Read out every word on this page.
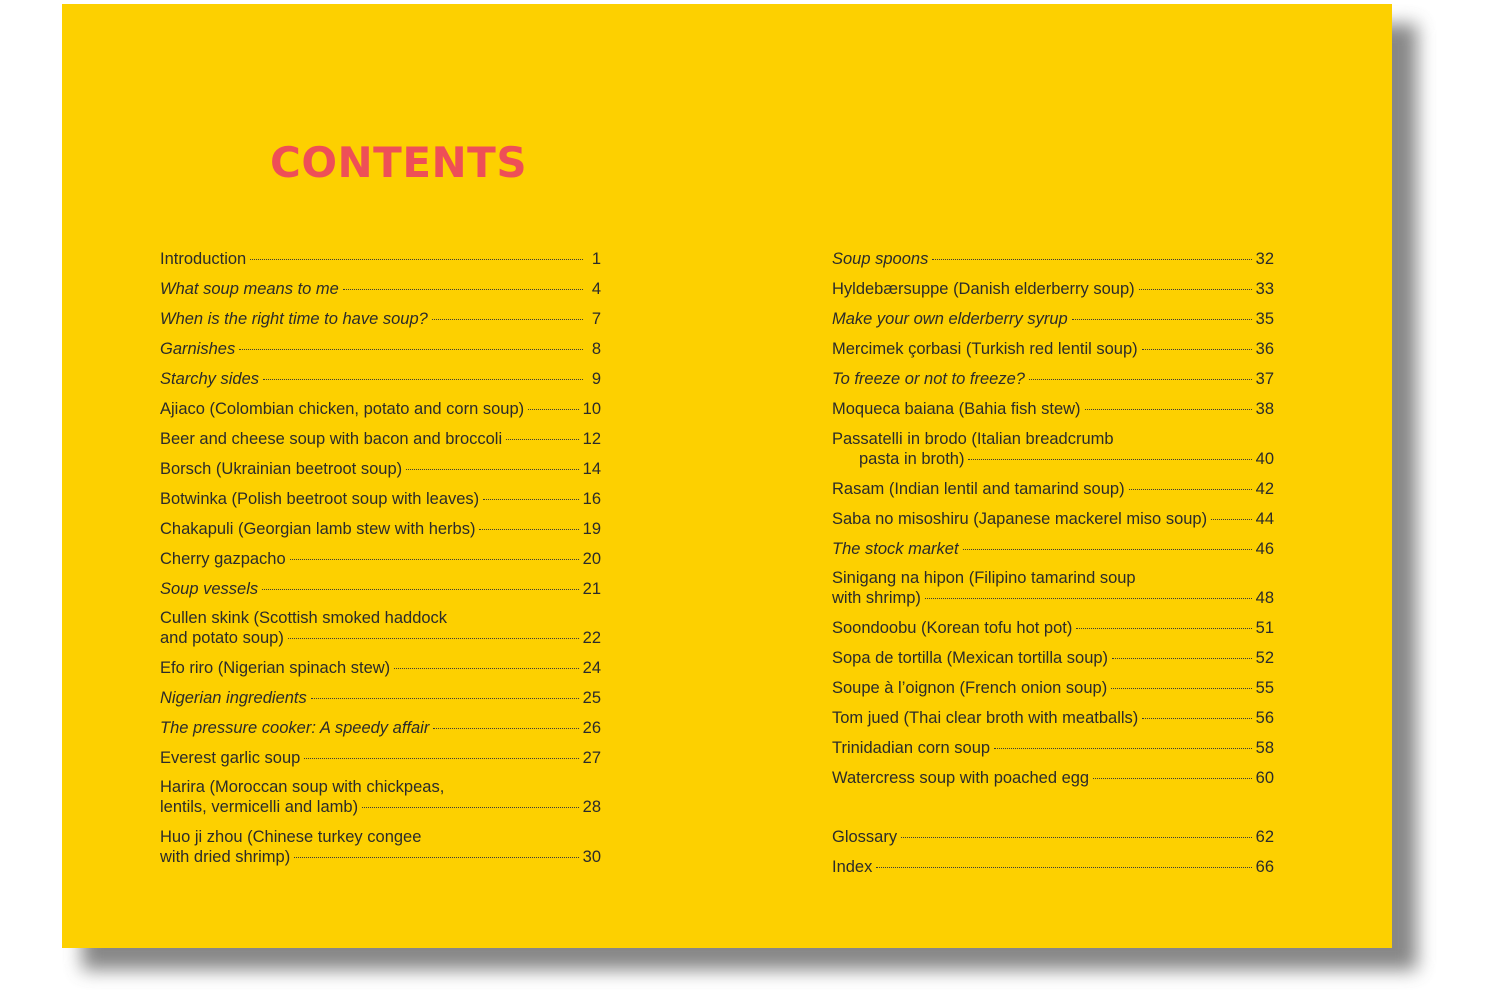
CONTENTS
Introduction	1
What soup means to me	4
When is the right time to have soup?	7
Garnishes	8
Starchy sides	9
Ajiaco (Colombian chicken, potato and corn soup)	10
Beer and cheese soup with bacon and broccoli	12
Borsch (Ukrainian beetroot soup)	14
Botwinka (Polish beetroot soup with leaves)	16
Chakapuli (Georgian lamb stew with herbs)	19
Cherry gazpacho	20
Soup vessels	21
Cullen skink (Scottish smoked haddock
and potato soup)	22
Efo riro (Nigerian spinach stew)	24
Nigerian ingredients	25
The pressure cooker: A speedy affair	26
Everest garlic soup	27
Harira (Moroccan soup with chickpeas,
lentils, vermicelli and lamb)	28
Huo ji zhou (Chinese turkey congee
with dried shrimp)	30
Soup spoons	32
Hyldebærsuppe (Danish elderberry soup)	33
Make your own elderberry syrup	35
Mercimek çorbasi (Turkish red lentil soup)	36
To freeze or not to freeze?	37
Moqueca baiana (Bahia fish stew)	38
Passatelli in brodo (Italian breadcrumb
pasta in broth)	40
Rasam (Indian lentil and tamarind soup)	42
Saba no misoshiru (Japanese mackerel miso soup)	44
The stock market	46
Sinigang na hipon (Filipino tamarind soup
with shrimp)	48
Soondoobu (Korean tofu hot pot)	51
Sopa de tortilla (Mexican tortilla soup)	52
Soupe à l’oignon (French onion soup)	55
Tom jued (Thai clear broth with meatballs)	56
Trinidadian corn soup	58
Watercress soup with poached egg	60
Glossary	62
Index	66
